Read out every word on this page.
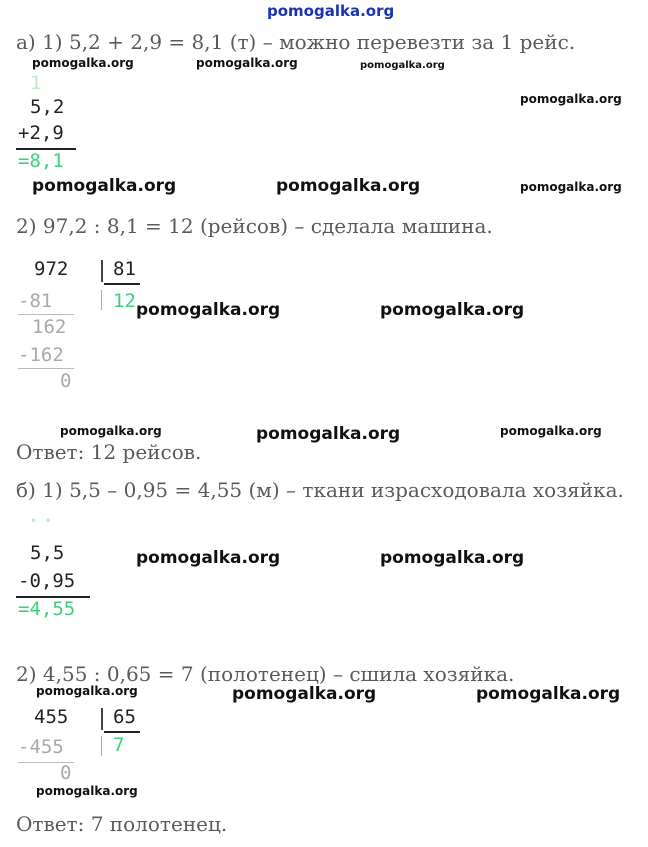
pomogalka.org
а) 1) 5,2 + 2,9 = 8,1 (т) – можно перевезти за 1 рейс.
pomogalka.org	pomogalka.org	pomogalka.org
pomogalka.org
1
5,2
+2,9
=8,1
pomogalka.org	pomogalka.org	pomogalka.org
2) 97,2 : 8,1 = 12 (рейсов) – сделала машина.
972 81
-81	12
162
-162
0
pomogalka.org	pomogalka.org
pomogalka.org	pomogalka.org	pomogalka.org
Ответ: 12 рейсов.
б) 1) 5,5 – 0,95 = 4,55 (м) – ткани израсходовала хозяйка.
• •
5,5
-0,95
=4,55
pomogalka.org	pomogalka.org
2) 4,55 : 0,65 = 7 (полотенец) – сшила хозяйка.
pomogalka.org	pomogalka.org	pomogalka.org
455 65
-455	7
0
pomogalka.org
Ответ: 7 полотенец.
